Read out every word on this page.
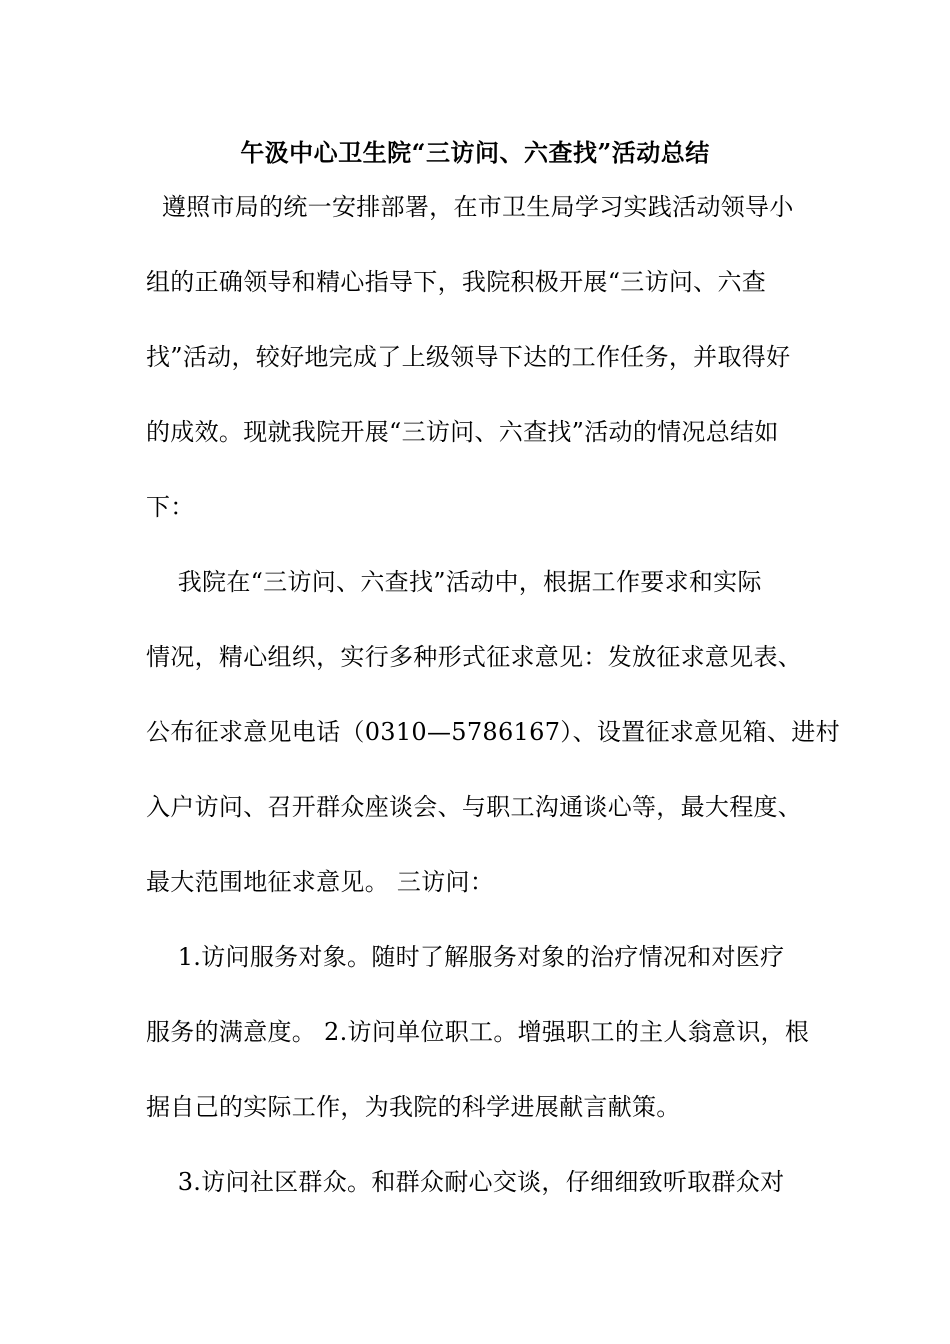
午汲中心卫生院“三访问、六查找”活动总结
遵照市局的统一安排部署，在市卫生局学习实践活动领导小
组的正确领导和精心指导下，我院积极开展“三访问、六查
找”活动，较好地完成了上级领导下达的工作任务，并取得好
的成效。现就我院开展“三访问、六查找”活动的情况总结如
下：
我院在“三访问、六查找”活动中，根据工作要求和实际
情况，精心组织，实行多种形式征求意见：发放征求意见表、
公布征求意见电话（0310—5786167）、设置征求意见箱、进村
入户访问、召开群众座谈会、与职工沟通谈心等，最大程度、
最大范围地征求意见。 三访问：
1.访问服务对象。随时了解服务对象的治疗情况和对医疗
服务的满意度。 2.访问单位职工。增强职工的主人翁意识，根
据自己的实际工作，为我院的科学进展献言献策。
3.访问社区群众。和群众耐心交谈，仔细细致听取群众对
